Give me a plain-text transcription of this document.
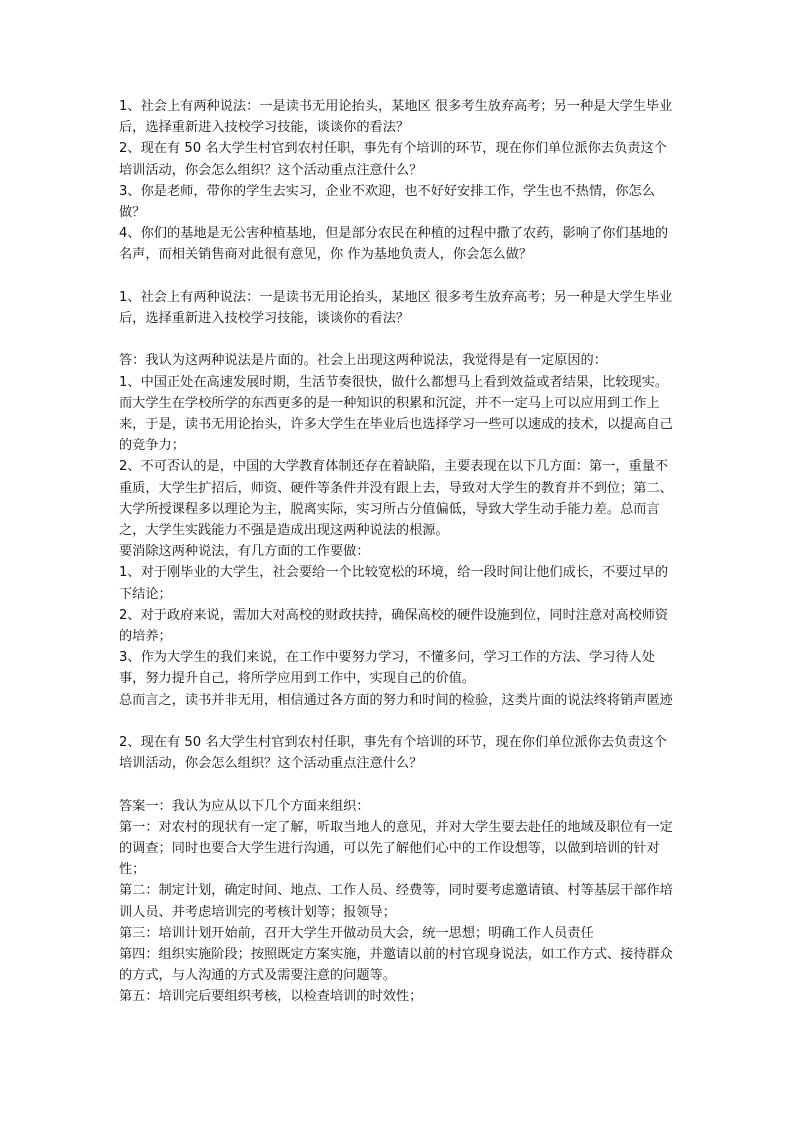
1、社会上有两种说法：一是读书无用论抬头，某地区 很多考生放弃高考；另一种是大学生毕业后，选择重新进入技校学习技能，谈谈你的看法？

2、现在有 50 名大学生村官到农村任职，事先有个培训的环节，现在你们单位派你去负责这个培训活动，你会怎么组织？这个活动重点注意什么？

3、你是老师，带你的学生去实习，企业不欢迎，也不好好安排工作，学生也不热情，你怎么做？

4、你们的基地是无公害种植基地，但是部分农民在种植的过程中撒了农药，影响了你们基地的名声，而相关销售商对此很有意见，你 作为基地负责人，你会怎么做？

1、社会上有两种说法：一是读书无用论抬头，某地区 很多考生放弃高考；另一种是大学生毕业后，选择重新进入技校学习技能，谈谈你的看法？

答：我认为这两种说法是片面的。社会上出现这两种说法，我觉得是有一定原因的：

1、中国正处在高速发展时期，生活节奏很快，做什么都想马上看到效益或者结果，比较现实。而大学生在学校所学的东西更多的是一种知识的积累和沉淀，并不一定马上可以应用到工作上来，于是，读书无用论抬头，许多大学生在毕业后也选择学习一些可以速成的技术，以提高自己的竞争力；

2、不可否认的是，中国的大学教育体制还存在着缺陷，主要表现在以下几方面：第一，重量不重质，大学生扩招后，师资、硬件等条件并没有跟上去，导致对大学生的教育并不到位；第二、大学所授课程多以理论为主，脱离实际，实习所占分值偏低，导致大学生动手能力差。总而言之，大学生实践能力不强是造成出现这两种说法的根源。

要消除这两种说法，有几方面的工作要做：

1、对于刚毕业的大学生，社会要给一个比较宽松的环境，给一段时间让他们成长，不要过早的下结论；

2、对于政府来说，需加大对高校的财政扶持，确保高校的硬件设施到位，同时注意对高校师资的培养；

3、作为大学生的我们来说，在工作中要努力学习，不懂多问，学习工作的方法、学习待人处事，努力提升自己，将所学应用到工作中，实现自己的价值。

总而言之，读书并非无用，相信通过各方面的努力和时间的检验，这类片面的说法终将销声匿迹

2、现在有 50 名大学生村官到农村任职，事先有个培训的环节，现在你们单位派你去负责这个培训活动，你会怎么组织？这个活动重点注意什么？

答案一：我认为应从以下几个方面来组织：

第一：对农村的现状有一定了解，听取当地人的意见，并对大学生要去赴任的地域及职位有一定的调查；同时也要合大学生进行沟通，可以先了解他们心中的工作设想等，以做到培训的针对性；

第二：制定计划，确定时间、地点、工作人员、经费等，同时要考虑邀请镇、村等基层干部作培训人员、并考虑培训完的考核计划等；报领导；

第三：培训计划开始前，召开大学生开做动员大会，统一思想；明确工作人员责任

第四：组织实施阶段；按照既定方案实施，并邀请以前的村官现身说法，如工作方式、接待群众的方式，与人沟通的方式及需要注意的问题等。

第五：培训完后要组织考核，以检查培训的时效性；
